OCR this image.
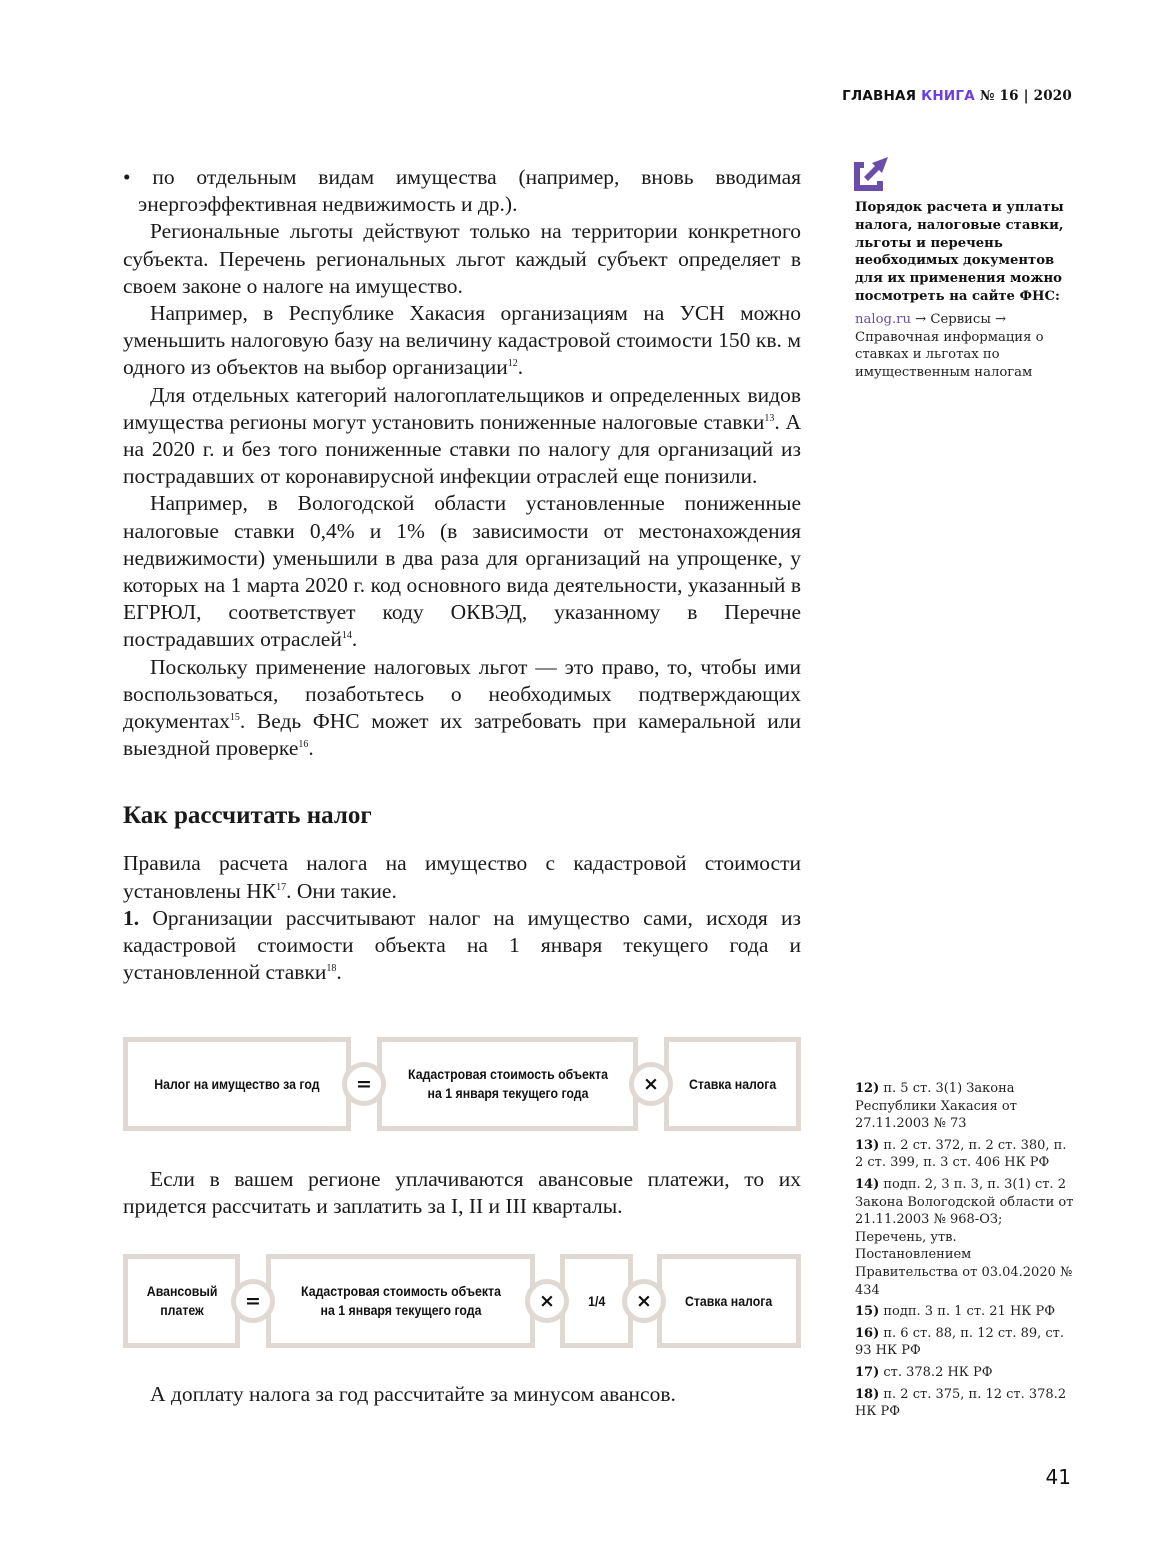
ГЛАВНАЯ КНИГА № 16 | 2020

• по отдельным видам имущества (например, вновь вводимая энергоэффективная недвижимость и др.).

Региональные льготы действуют только на территории конкретного субъекта. Перечень региональных льгот каждый субъект определяет в своем законе о налоге на имущество.

Например, в Республике Хакасия организациям на УСН можно уменьшить налоговую базу на величину кадастровой стоимости 150 кв. м одного из объектов на выбор организации$^{12}$.

Для отдельных категорий налогоплательщиков и определенных видов имущества регионы могут установить пониженные налоговые ставки$^{13}$. А на 2020 г. и без того пониженные ставки по налогу для организаций из пострадавших от коронавирусной инфекции отраслей еще понизили.

Например, в Вологодской области установленные пониженные налоговые ставки 0,4% и 1% (в зависимости от местонахождения недвижимости) уменьшили в два раза для организаций на упрощенке, у которых на 1 марта 2020 г. код основного вида деятельности, указанный в ЕГРЮЛ, соответствует коду ОКВЭД, указанному в Перечне пострадавших отраслей$^{14}$.

Поскольку применение налоговых льгот — это право, то, чтобы ими воспользоваться, позаботьтесь о необходимых подтверждающих документах$^{15}$. Ведь ФНС может их затребовать при камеральной или выездной проверке$^{16}$.

Как рассчитать налог

Правила расчета налога на имущество с кадастровой стоимости установлены НК$^{17}$. Они такие.

1. Организации рассчитывают налог на имущество сами, исходя из кадастровой стоимости объекта на 1 января текущего года и установленной ставки$^{18}$.

Налог на имущество за год	=	Кадастровая стоимость объекта на 1 января текущего года	×	Ставка налога

Если в вашем регионе уплачиваются авансовые платежи, то их придется рассчитать и заплатить за I, II и III кварталы.

Авансовый платеж	=	Кадастровая стоимость объекта на 1 января текущего года	×	1/4	×	Ставка налога

А доплату налога за год рассчитайте за минусом авансов.

Порядок расчета и уплаты налога, налоговые ставки, льготы и перечень необходимых документов для их применения можно посмотреть на сайте ФНС:
nalog.ru → Сервисы → Справочная информация о ставках и льготах по имущественным налогам
12) п. 5 ст. 3(1) Закона Республики Хакасия от 27.11.2003 № 73
13) п. 2 ст. 372, п. 2 ст. 380, п. 2 ст. 399, п. 3 ст. 406 НК РФ
14) подп. 2, 3 п. 3, п. 3(1) ст. 2 Закона Вологодской области от 21.11.2003 № 968-ОЗ; Перечень, утв. Постановлением Правительства от 03.04.2020 № 434
15) подп. 3 п. 1 ст. 21 НК РФ
16) п. 6 ст. 88, п. 12 ст. 89, ст. 93 НК РФ
17) ст. 378.2 НК РФ
18) п. 2 ст. 375, п. 12 ст. 378.2 НК РФ
41
